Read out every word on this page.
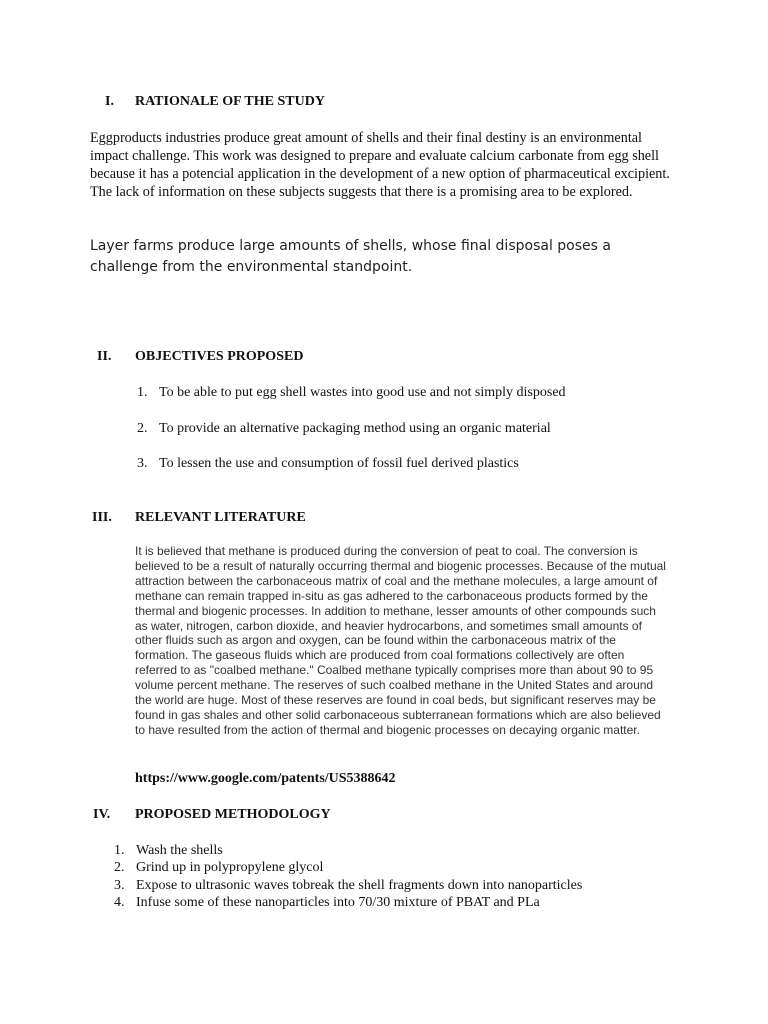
I. RATIONALE OF THE STUDY

Eggproducts industries produce great amount of shells and their final destiny is an environmental impact challenge. This work was designed to prepare and evaluate calcium carbonate from egg shell because it has a potencial application in the development of a new option of pharmaceutical excipient. The lack of information on these subjects suggests that there is a promising area to be explored.

Layer farms produce large amounts of shells, whose final disposal poses a challenge from the environmental standpoint.

II. OBJECTIVES PROPOSED
1. To be able to put egg shell wastes into good use and not simply disposed
2. To provide an alternative packaging method using an organic material
3. To lessen the use and consumption of fossil fuel derived plastics
III. RELEVANT LITERATURE

It is believed that methane is produced during the conversion of peat to coal. The conversion is believed to be a result of naturally occurring thermal and biogenic processes. Because of the mutual attraction between the carbonaceous matrix of coal and the methane molecules, a large amount of methane can remain trapped in-situ as gas adhered to the carbonaceous products formed by the thermal and biogenic processes. In addition to methane, lesser amounts of other compounds such as water, nitrogen, carbon dioxide, and heavier hydrocarbons, and sometimes small amounts of other fluids such as argon and oxygen, can be found within the carbonaceous matrix of the formation. The gaseous fluids which are produced from coal formations collectively are often referred to as "coalbed methane." Coalbed methane typically comprises more than about 90 to 95 volume percent methane. The reserves of such coalbed methane in the United States and around the world are huge. Most of these reserves are found in coal beds, but significant reserves may be found in gas shales and other solid carbonaceous subterranean formations which are also believed to have resulted from the action of thermal and biogenic processes on decaying organic matter.

https://www.google.com/patents/US5388642
IV. PROPOSED METHODOLOGY
1. Wash the shells
2. Grind up in polypropylene glycol
3. Expose to ultrasonic waves tobreak the shell fragments down into nanoparticles
4. Infuse some of these nanoparticles into 70/30 mixture of PBAT and PLa
